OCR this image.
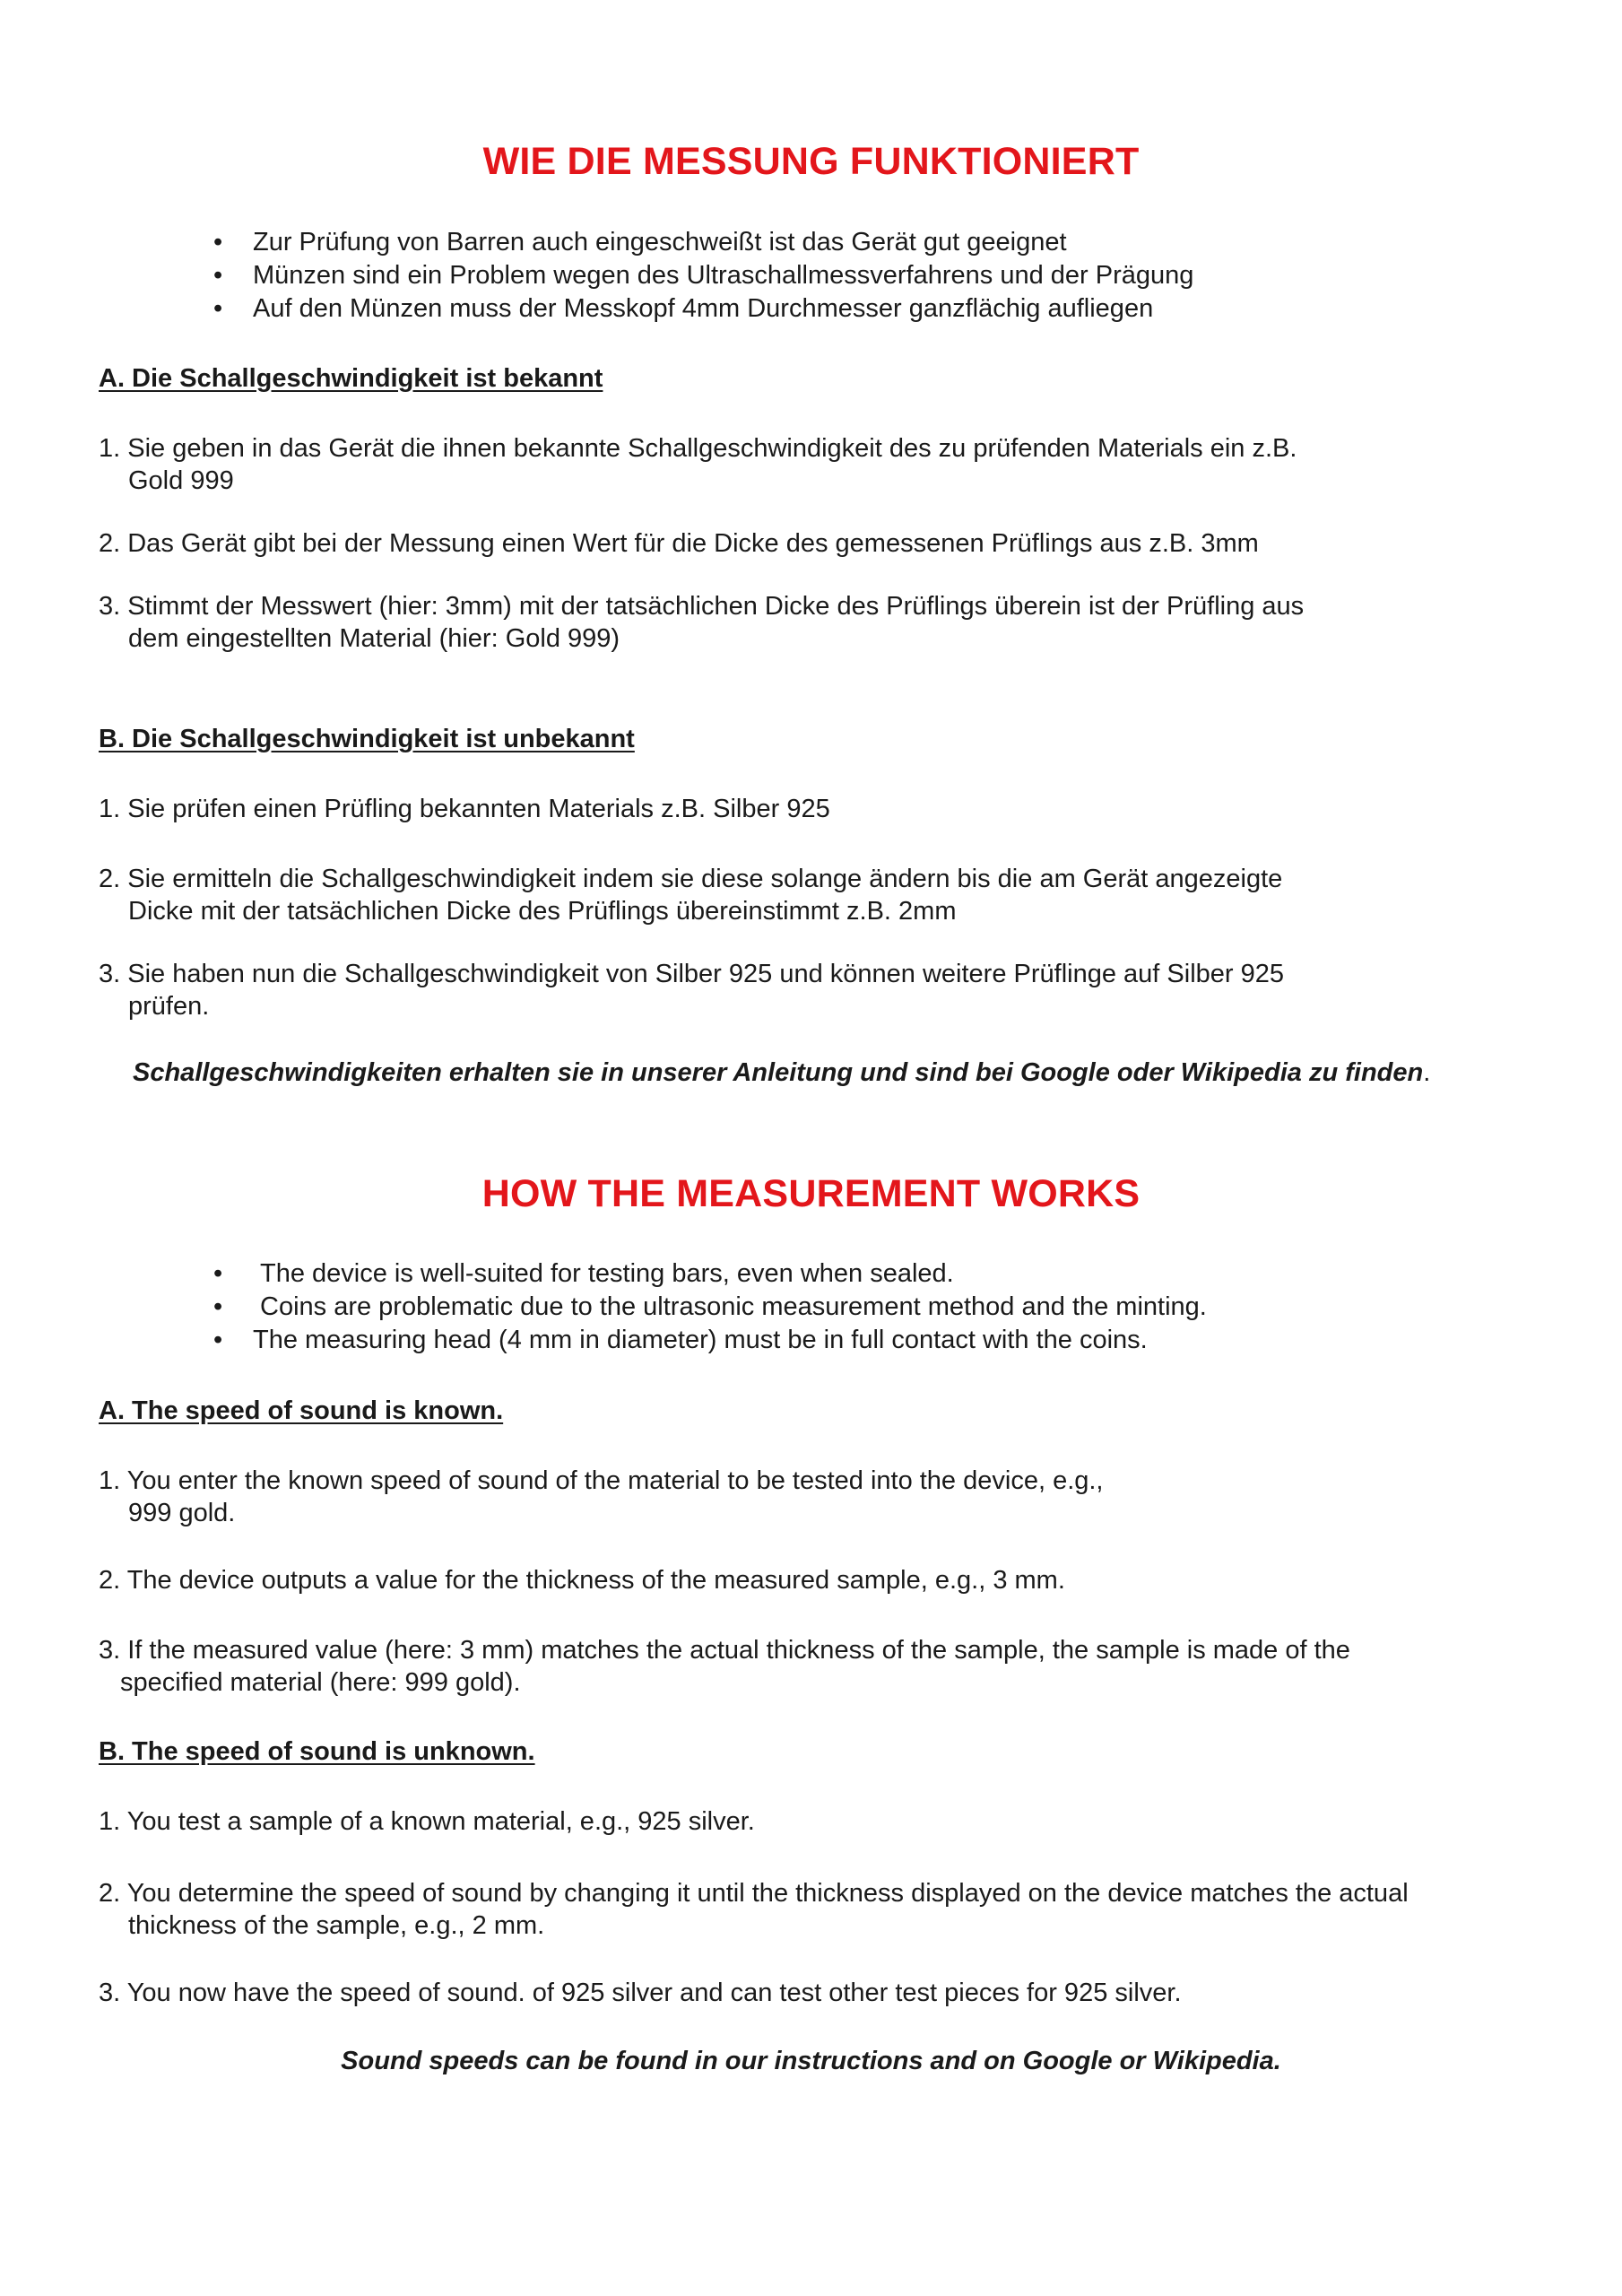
WIE DIE MESSUNG FUNKTIONIERT
• Zur Prüfung von Barren auch eingeschweißt ist das Gerät gut geeignet
• Münzen sind ein Problem wegen des Ultraschallmessverfahrens und der Prägung
• Auf den Münzen muss der Messkopf 4mm Durchmesser ganzflächig aufliegen
A. Die Schallgeschwindigkeit ist bekannt

1. Sie geben in das Gerät die ihnen bekannte Schallgeschwindigkeit des zu prüfenden Materials ein z.B.
Gold 999

2. Das Gerät gibt bei der Messung einen Wert für die Dicke des gemessenen Prüflings aus z.B. 3mm

3. Stimmt der Messwert (hier: 3mm) mit der tatsächlichen Dicke des Prüflings überein ist der Prüfling aus
dem eingestellten Material (hier: Gold 999)

B. Die Schallgeschwindigkeit ist unbekannt

1. Sie prüfen einen Prüfling bekannten Materials z.B. Silber 925

2. Sie ermitteln die Schallgeschwindigkeit indem sie diese solange ändern bis die am Gerät angezeigte
Dicke mit der tatsächlichen Dicke des Prüflings übereinstimmt z.B. 2mm

3. Sie haben nun die Schallgeschwindigkeit von Silber 925 und können weitere Prüflinge auf Silber 925
prüfen.

Schallgeschwindigkeiten erhalten sie in unserer Anleitung und sind bei Google oder Wikipedia zu finden.

HOW THE MEASUREMENT WORKS
• The device is well-suited for testing bars, even when sealed.
• Coins are problematic due to the ultrasonic measurement method and the minting.
• The measuring head (4 mm in diameter) must be in full contact with the coins.
A. The speed of sound is known.

1. You enter the known speed of sound of the material to be tested into the device, e.g.,
999 gold.

2. The device outputs a value for the thickness of the measured sample, e.g., 3 mm.

3. If the measured value (here: 3 mm) matches the actual thickness of the sample, the sample is made of the
specified material (here: 999 gold).

B. The speed of sound is unknown.

1. You test a sample of a known material, e.g., 925 silver.

2. You determine the speed of sound by changing it until the thickness displayed on the device matches the actual
thickness of the sample, e.g., 2 mm.

3. You now have the speed of sound. of 925 silver and can test other test pieces for 925 silver.

Sound speeds can be found in our instructions and on Google or Wikipedia.
